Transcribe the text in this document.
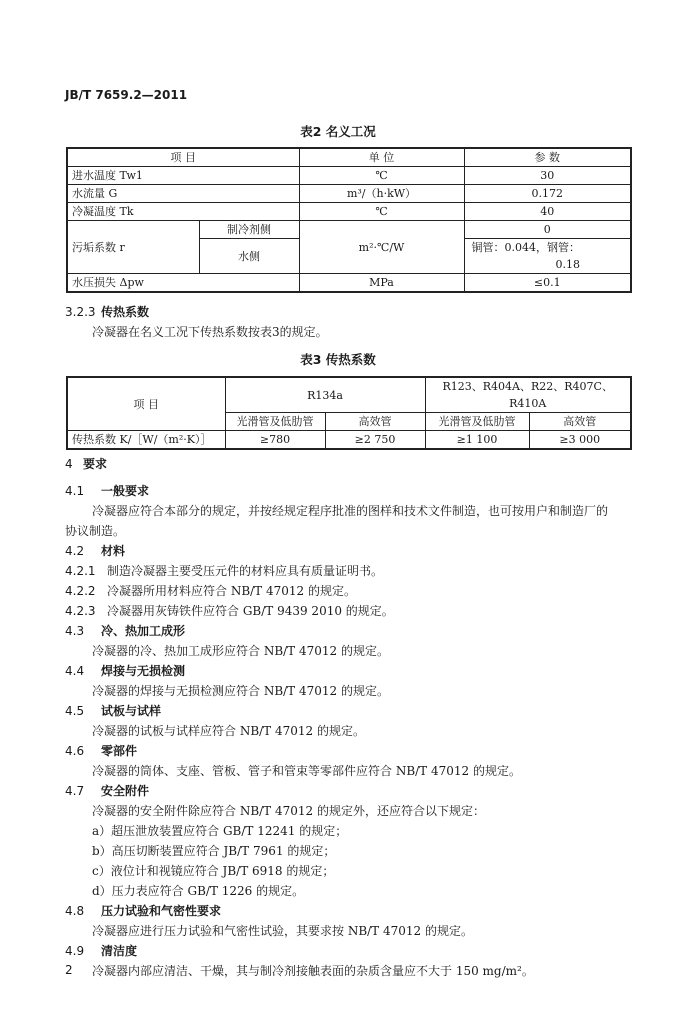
JB/T 7659.2—2011
表2 名义工况
项 目		单 位	参 数
进水温度 Tw1		℃	30
水流量 G		m³/（h·kW）	0.172
冷凝温度 Tk		℃	40
污垢系数 r	制冷剂侧	m²·℃/W	0
	水侧		铜管：0.044，钢管：0.18
水压损失 Δpw		MPa	≤0.1
3.2.3 传热系数
冷凝器在名义工况下传热系数按表3的规定。
表3 传热系数
项 目	R134a		R123、R404A、R22、R407C、R410A	
	光滑管及低肋管	高效管	光滑管及低肋管	高效管
传热系数 K/［W/（m²·K）］	≥780	≥2 750	≥1 100	≥3 000
4 要求
4.1 一般要求
冷凝器应符合本部分的规定，并按经规定程序批准的图样和技术文件制造，也可按用户和制造厂的
协议制造。
4.2 材料
4.2.1 制造冷凝器主要受压元件的材料应具有质量证明书。
4.2.2 冷凝器所用材料应符合 NB/T 47012 的规定。
4.2.3 冷凝器用灰铸铁件应符合 GB/T 9439 2010 的规定。
4.3 冷、热加工成形
冷凝器的冷、热加工成形应符合 NB/T 47012 的规定。
4.4 焊接与无损检测
冷凝器的焊接与无损检测应符合 NB/T 47012 的规定。
4.5 试板与试样
冷凝器的试板与试样应符合 NB/T 47012 的规定。
4.6 零部件
冷凝器的筒体、支座、管板、管子和管束等零部件应符合 NB/T 47012 的规定。
4.7 安全附件
冷凝器的安全附件除应符合 NB/T 47012 的规定外，还应符合以下规定：
a）超压泄放装置应符合 GB/T 12241 的规定；
b）高压切断装置应符合 JB/T 7961 的规定；
c）液位计和视镜应符合 JB/T 6918 的规定；
d）压力表应符合 GB/T 1226 的规定。
4.8 压力试验和气密性要求
冷凝器应进行压力试验和气密性试验，其要求按 NB/T 47012 的规定。
4.9 清洁度
冷凝器内部应清洁、干燥，其与制冷剂接触表面的杂质含量应不大于 150 mg/m²。
2
